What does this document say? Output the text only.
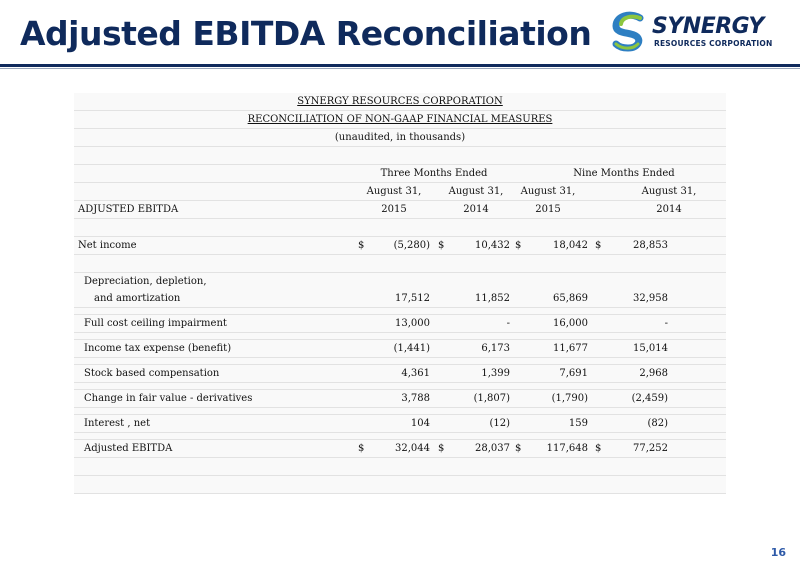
Adjusted EBITDA Reconciliation	SYNERGY
RESOURCES CORPORATION
SYNERGY RESOURCES CORPORATION
RECONCILIATION OF NON-GAAP FINANCIAL MEASURES
(unaudited, in thousands)
Three Months Ended	Nine Months Ended
August 31,	August 31,	August 31,	August 31,
ADJUSTED EBITDA	2015	2014	2015	2014
Net income	$	(5,280) $	10,432 $	18,042 $	28,853
Depreciation, depletion,
and amortization	17,512	11,852	65,869	32,958
Full cost ceiling impairment	13,000	-	16,000	-
Income tax expense (benefit)	(1,441)	6,173	11,677	15,014
Stock based compensation	4,361	1,399	7,691	2,968
Change in fair value - derivatives	3,788	(1,807)	(1,790)	(2,459)
Interest , net	104	(12)	159	(82)
Adjusted EBITDA	$	32,044 $	28,037 $	117,648 $	77,252
16
